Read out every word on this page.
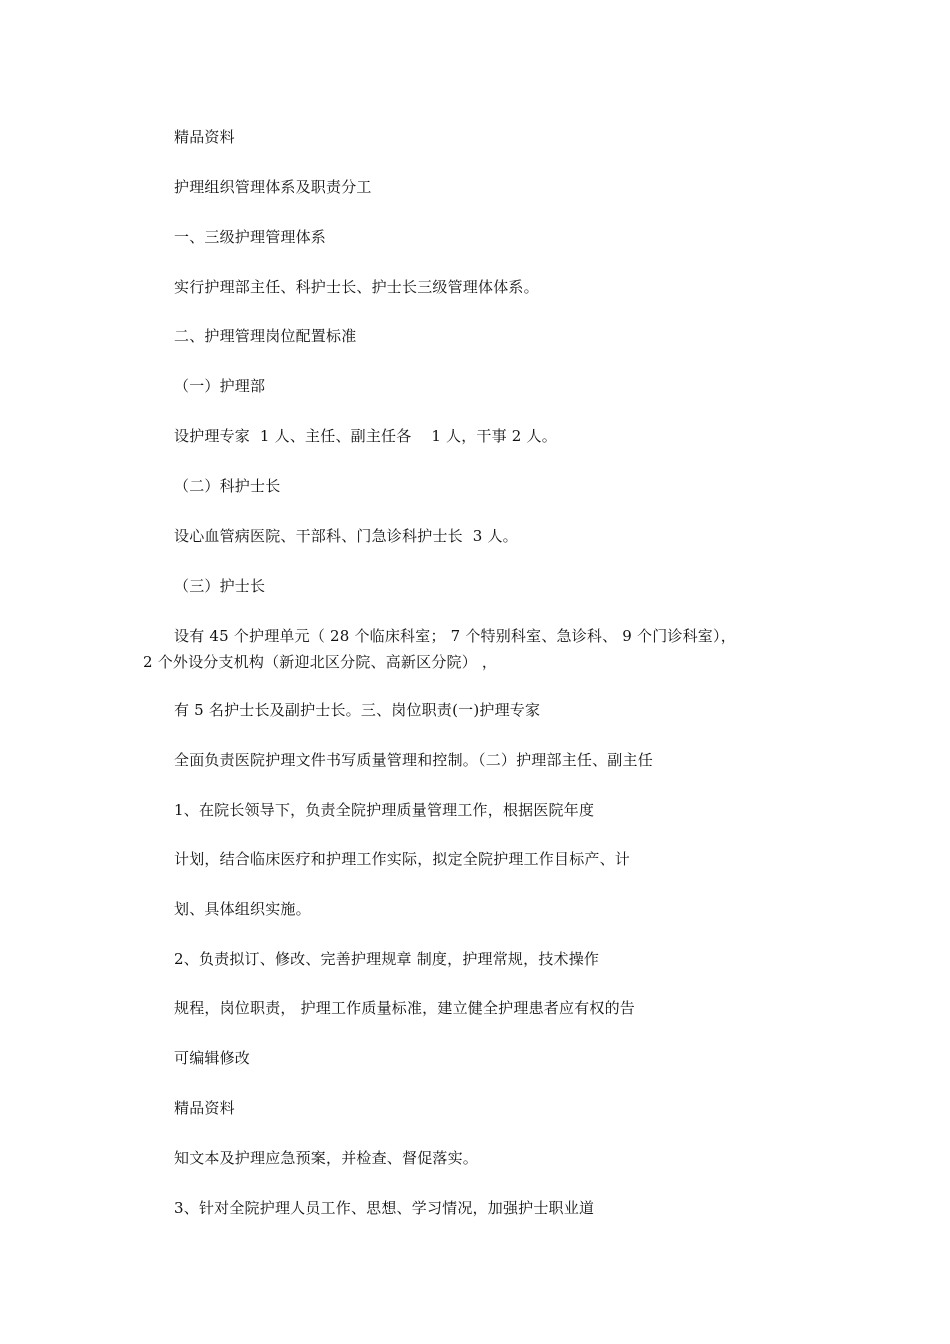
精品资料
护理组织管理体系及职责分工
一、三级护理管理体系
实行护理部主任、科护士长、护士长三级管理体体系。
二、护理管理岗位配置标准
（一）护理部
设护理专家  1 人、主任、副主任各    1 人，干事 2 人。
（二）科护士长
设心血管病医院、干部科、门急诊科护士长  3 人。
（三）护士长
设有 45 个护理单元（ 28 个临床科室； 7 个特别科室、急诊科、 9 个门诊科室），
2 个外设分支机构（新迎北区分院、高新区分院） ，
有 5 名护士长及副护士长。三、岗位职责(一)护理专家
全面负责医院护理文件书写质量管理和控制。（二）护理部主任、副主任
1、在院长领导下，负责全院护理质量管理工作，根据医院年度
计划，结合临床医疗和护理工作实际，拟定全院护理工作目标产、计
划、具体组织实施。
2、负责拟订、修改、完善护理规章 制度，护理常规，技术操作
规程，岗位职责， 护理工作质量标准，建立健全护理患者应有权的告
可编辑修改
精品资料
知文本及护理应急预案，并检查、督促落实。
3、针对全院护理人员工作、思想、学习情况，加强护士职业道
